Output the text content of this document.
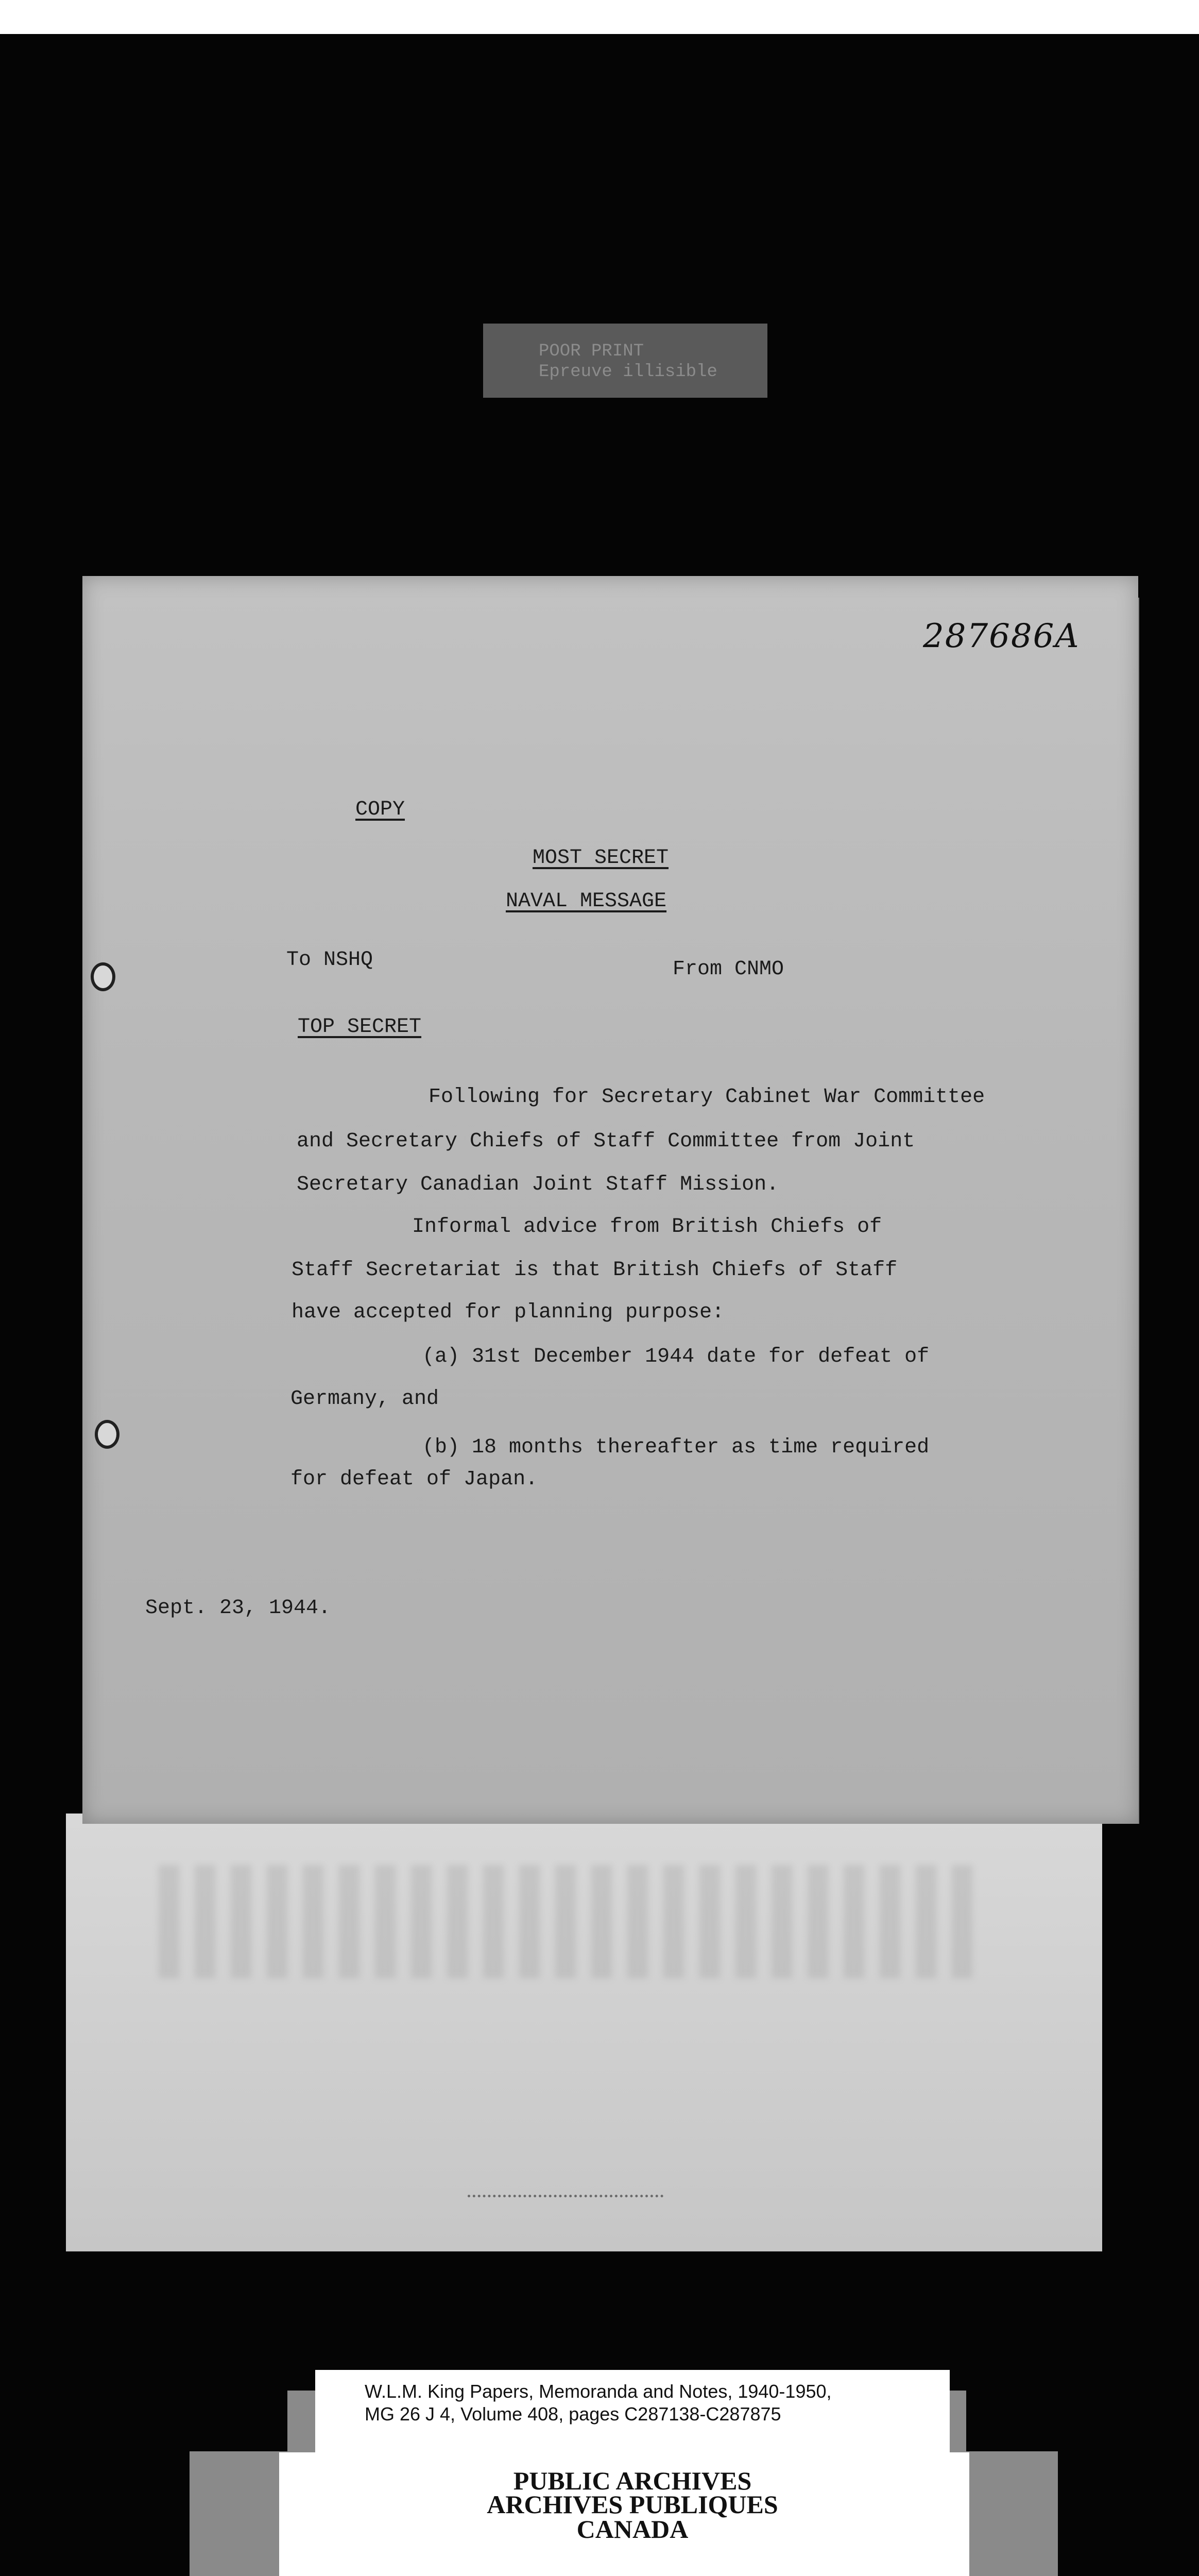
POOR PRINT
Epreuve illisible
287686A
COPY
MOST SECRET
NAVAL MESSAGE
To NSHQ	From CNMO
TOP SECRET
Following for Secretary Cabinet War Committee
and Secretary Chiefs of Staff Committee from Joint
Secretary Canadian Joint Staff Mission.
Informal advice from British Chiefs of
Staff Secretariat is that British Chiefs of Staff
have accepted for planning purpose:
(a) 31st December 1944 date for defeat of
Germany, and
(b) 18 months thereafter as time required
for defeat of Japan.
Sept. 23, 1944.
W.L.M. King Papers, Memoranda and Notes, 1940-1950,
MG 26 J 4, Volume 408, pages C287138-C287875
PUBLIC ARCHIVES
ARCHIVES PUBLIQUES
CANADA
